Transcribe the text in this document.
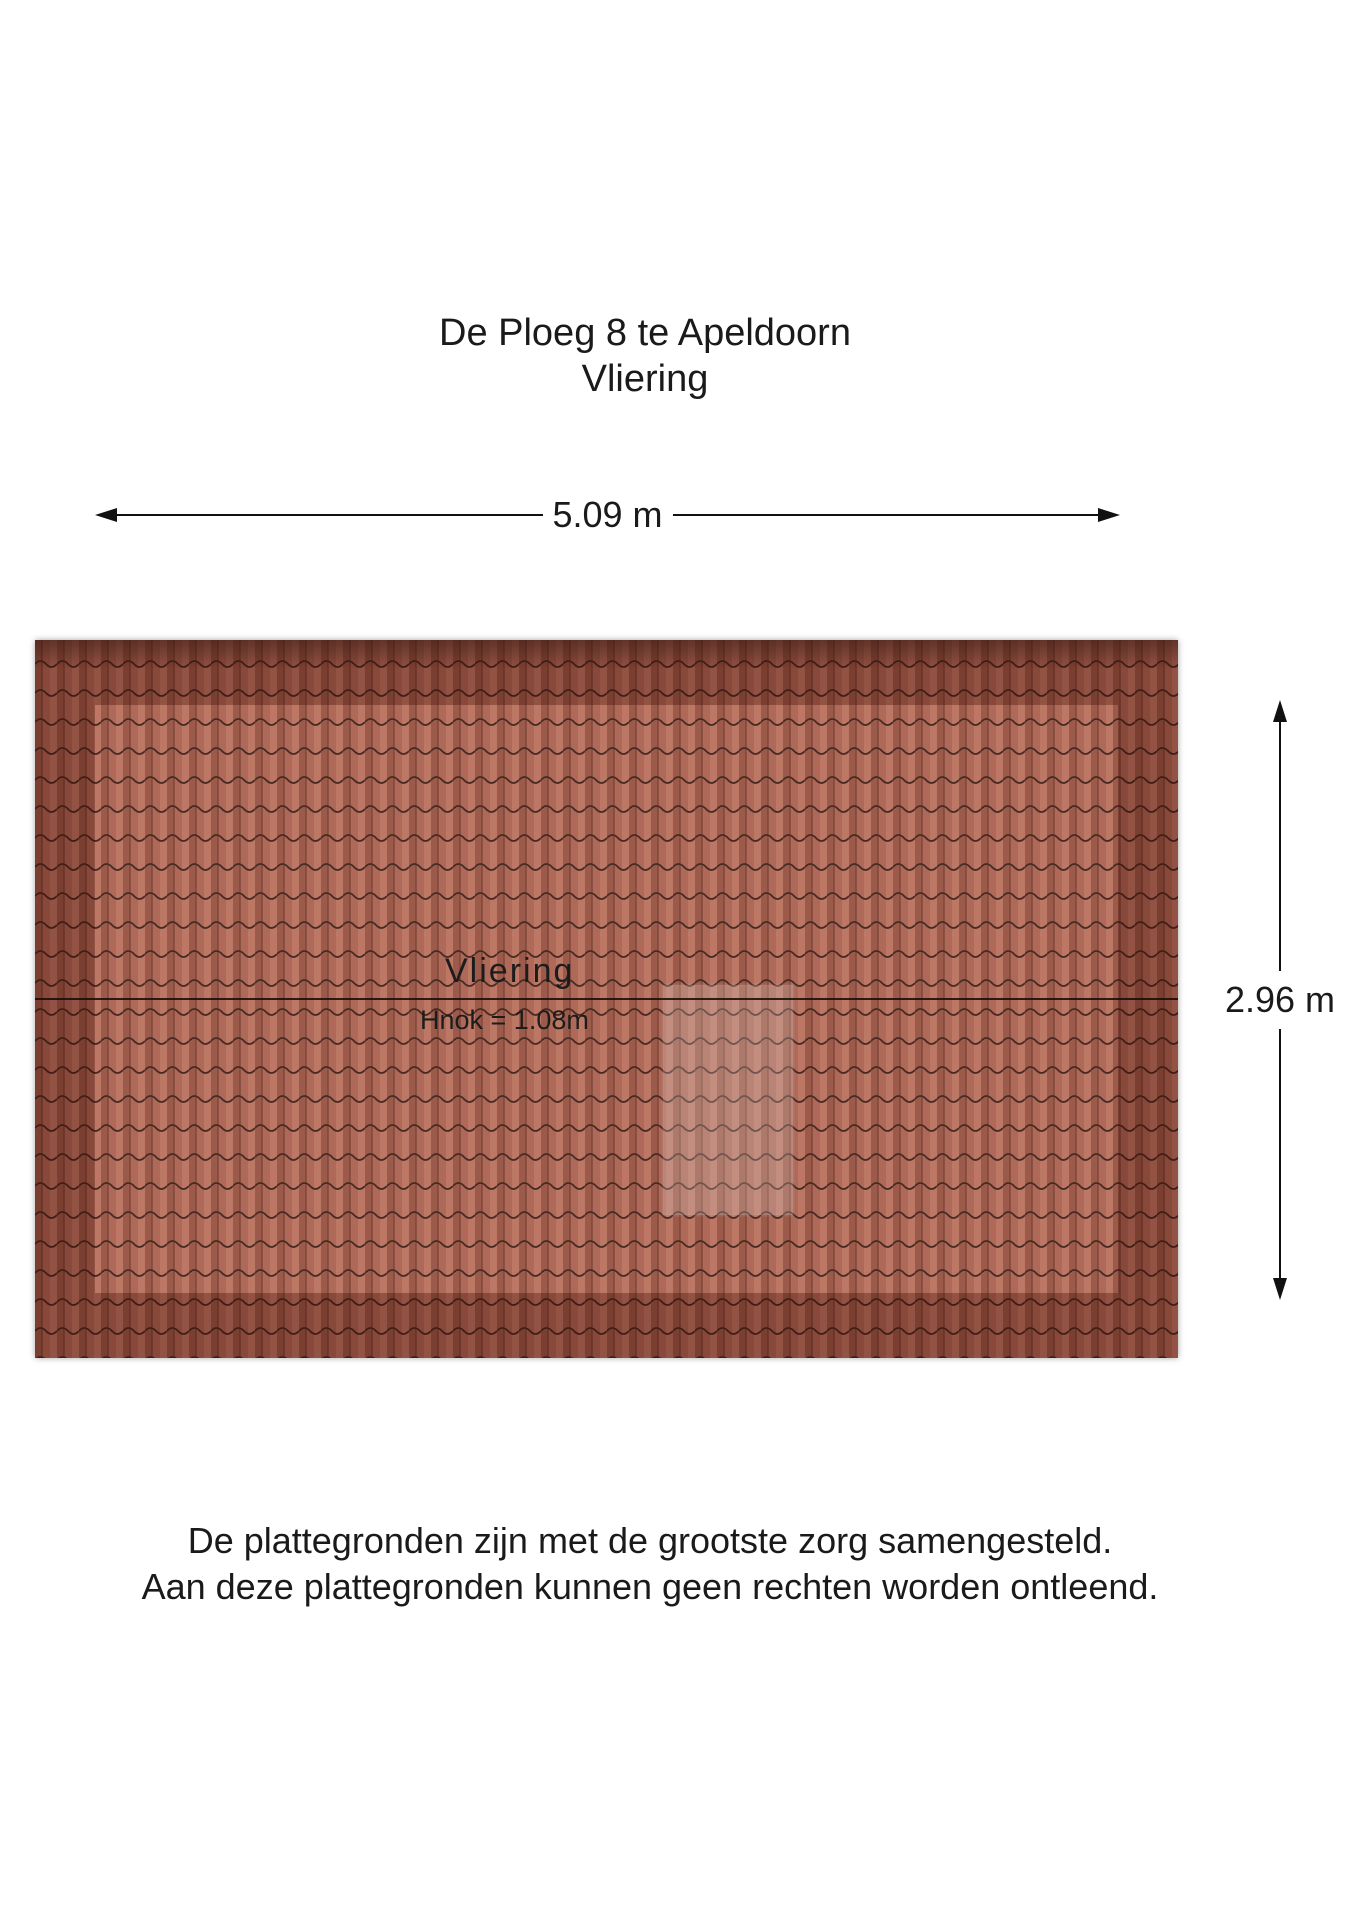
De Ploeg 8 te Apeldoorn
Vliering
5.09 m
Vliering
Hnok = 1.08m	2.96 m
De plattegronden zijn met de grootste zorg samengesteld.
Aan deze plattegronden kunnen geen rechten worden ontleend.
